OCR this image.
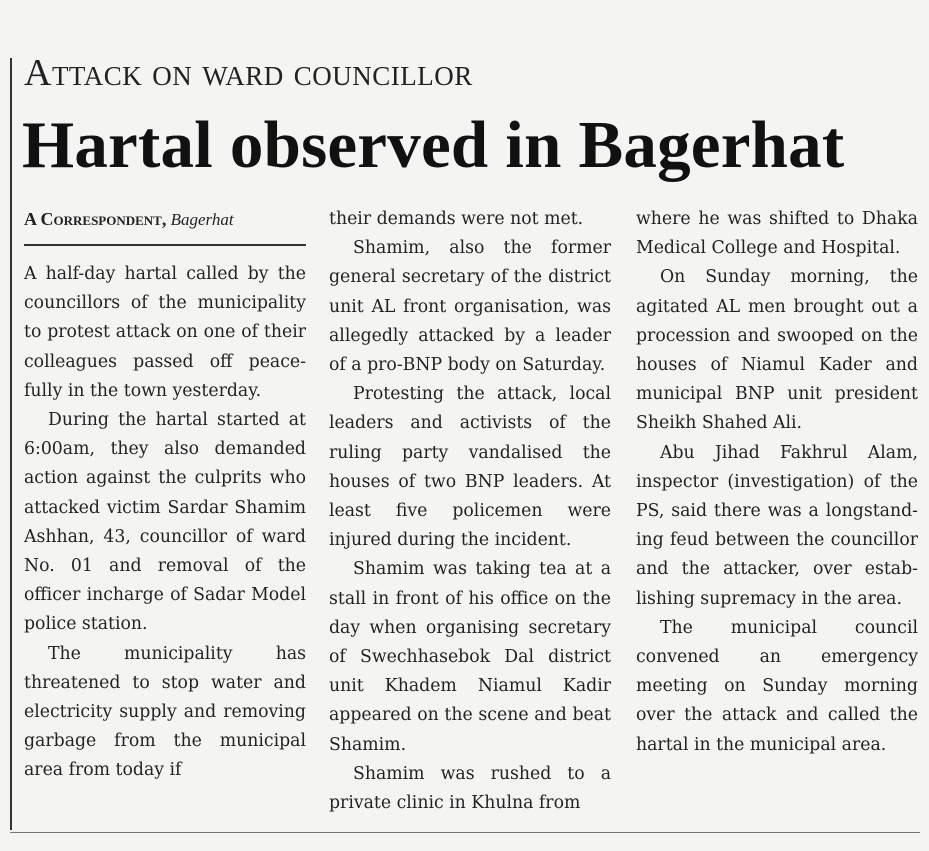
Attack on ward councillor
Hartal observed in Bagerhat
A Correspondent, Bagerhat

A half-day hartal called by the councillors of the municipality to protest attack on one of their colleagues passed off peacefully in the town yesterday.

During the hartal started at 6:00am, they also demanded action against the culprits who attacked victim Sardar Shamim Ashhan, 43, councillor of ward No. 01 and removal of the officer incharge of Sadar Model police station.

The municipality has threatened to stop water and electricity supply and removing garbage from the municipal area from today if

their demands were not met.

Shamim, also the former general secretary of the district unit AL front organisation, was allegedly attacked by a leader of a pro-BNP body on Saturday.

Protesting the attack, local leaders and activists of the ruling party vandalised the houses of two BNP leaders. At least five policemen were injured during the incident.

Shamim was taking tea at a stall in front of his office on the day when organising secretary of Swechhasebok Dal district unit Khadem Niamul Kadir appeared on the scene and beat Shamim.

Shamim was rushed to a private clinic in Khulna from

where he was shifted to Dhaka Medical College and Hospital.

On Sunday morning, the agitated AL men brought out a procession and swooped on the houses of Niamul Kader and municipal BNP unit president Sheikh Shahed Ali.

Abu Jihad Fakhrul Alam, inspector (investigation) of the PS, said there was a longstanding feud between the councillor and the attacker, over establishing supremacy in the area.

The municipal council convened an emergency meeting on Sunday morning over the attack and called the hartal in the municipal area.
